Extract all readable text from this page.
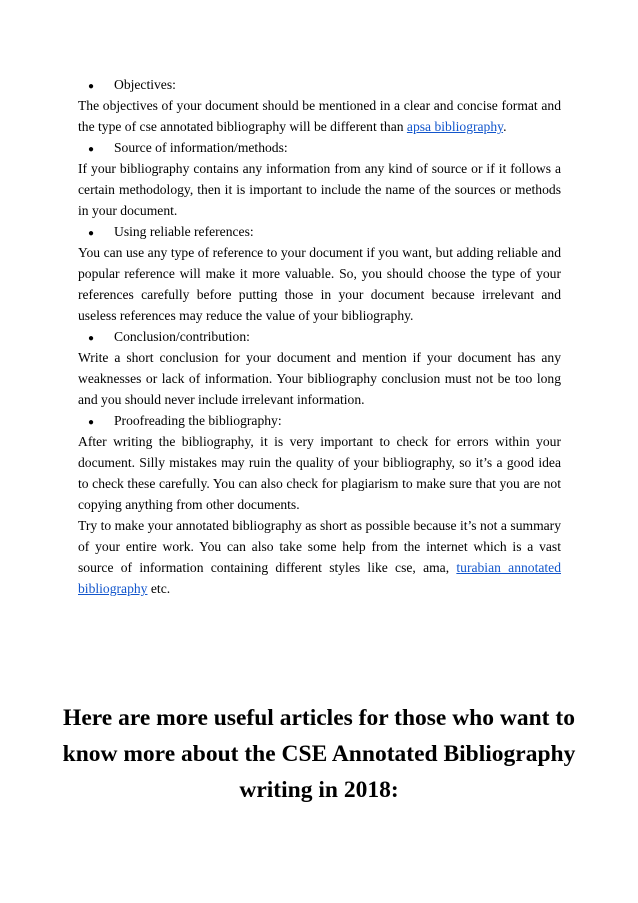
● Objectives:

The objectives of your document should be mentioned in a clear and concise format and the type of cse annotated bibliography will be different than apsa bibliography.

● Source of information/methods:

If your bibliography contains any information from any kind of source or if it follows a certain methodology, then it is important to include the name of the sources or methods in your document.

● Using reliable references:

You can use any type of reference to your document if you want, but adding reliable and popular reference will make it more valuable. So, you should choose the type of your references carefully before putting those in your document because irrelevant and useless references may reduce the value of your bibliography.

● Conclusion/contribution:

Write a short conclusion for your document and mention if your document has any weaknesses or lack of information. Your bibliography conclusion must not be too long and you should never include irrelevant information.

● Proofreading the bibliography:

After writing the bibliography, it is very important to check for errors within your document. Silly mistakes may ruin the quality of your bibliography, so it’s a good idea to check these carefully. You can also check for plagiarism to make sure that you are not copying anything from other documents.

Try to make your annotated bibliography as short as possible because it’s not a summary of your entire work. You can also take some help from the internet which is a vast source of information containing different styles like cse, ama, turabian annotated bibliography etc.

Here are more useful articles for those who want to know more about the CSE Annotated Bibliography writing in 2018:
